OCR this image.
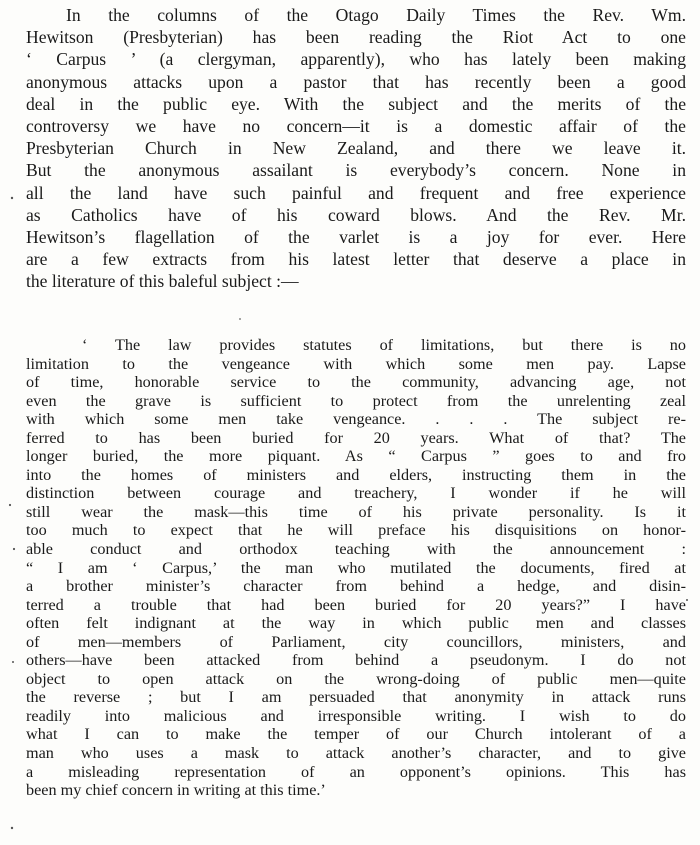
In the columns of the Otago Daily Times the Rev. Wm.
Hewitson (Presbyterian) has been reading the Riot Act to one
‘ Carpus ’ (a clergyman, apparently), who has lately been making
anonymous attacks upon a pastor that has recently been a good
deal in the public eye. With the subject and the merits of the
controversy we have no concern—it is a domestic affair of the
Presbyterian Church in New Zealand, and there we leave it.
But the anonymous assailant is everybody’s concern. None in
all the land have such painful and frequent and free experience
as Catholics have of his coward blows. And the Rev. Mr.
Hewitson’s flagellation of the varlet is a joy for ever. Here
are a few extracts from his latest letter that deserve a place in
the literature of this baleful subject :—
‘ The law provides statutes of limitations, but there is no
limitation to the vengeance with which some men pay. Lapse
of time, honorable service to the community, advancing age, not
even the grave is sufficient to protect from the unrelenting zeal
with which some men take vengeance. . . . The subject re-
ferred to has been buried for 20 years. What of that? The
longer buried, the more piquant. As “ Carpus ” goes to and fro
into the homes of ministers and elders, instructing them in the
distinction between courage and treachery, I wonder if he will
still wear the mask—this time of his private personality. Is it
too much to expect that he will preface his disquisitions on honor-
able conduct and orthodox teaching with the announcement :
“ I am ‘ Carpus,’ the man who mutilated the documents, fired at
a brother minister’s character from behind a hedge, and disin-
terred a trouble that had been buried for 20 years?” I have
often felt indignant at the way in which public men and classes
of men—members of Parliament, city councillors, ministers, and
others—have been attacked from behind a pseudonym. I do not
object to open attack on the wrong-doing of public men—quite
the reverse ; but I am persuaded that anonymity in attack runs
readily into malicious and irresponsible writing. I wish to do
what I can to make the temper of our Church intolerant of a
man who uses a mask to attack another’s character, and to give
a misleading representation of an opponent’s opinions. This has
been my chief concern in writing at this time.’
